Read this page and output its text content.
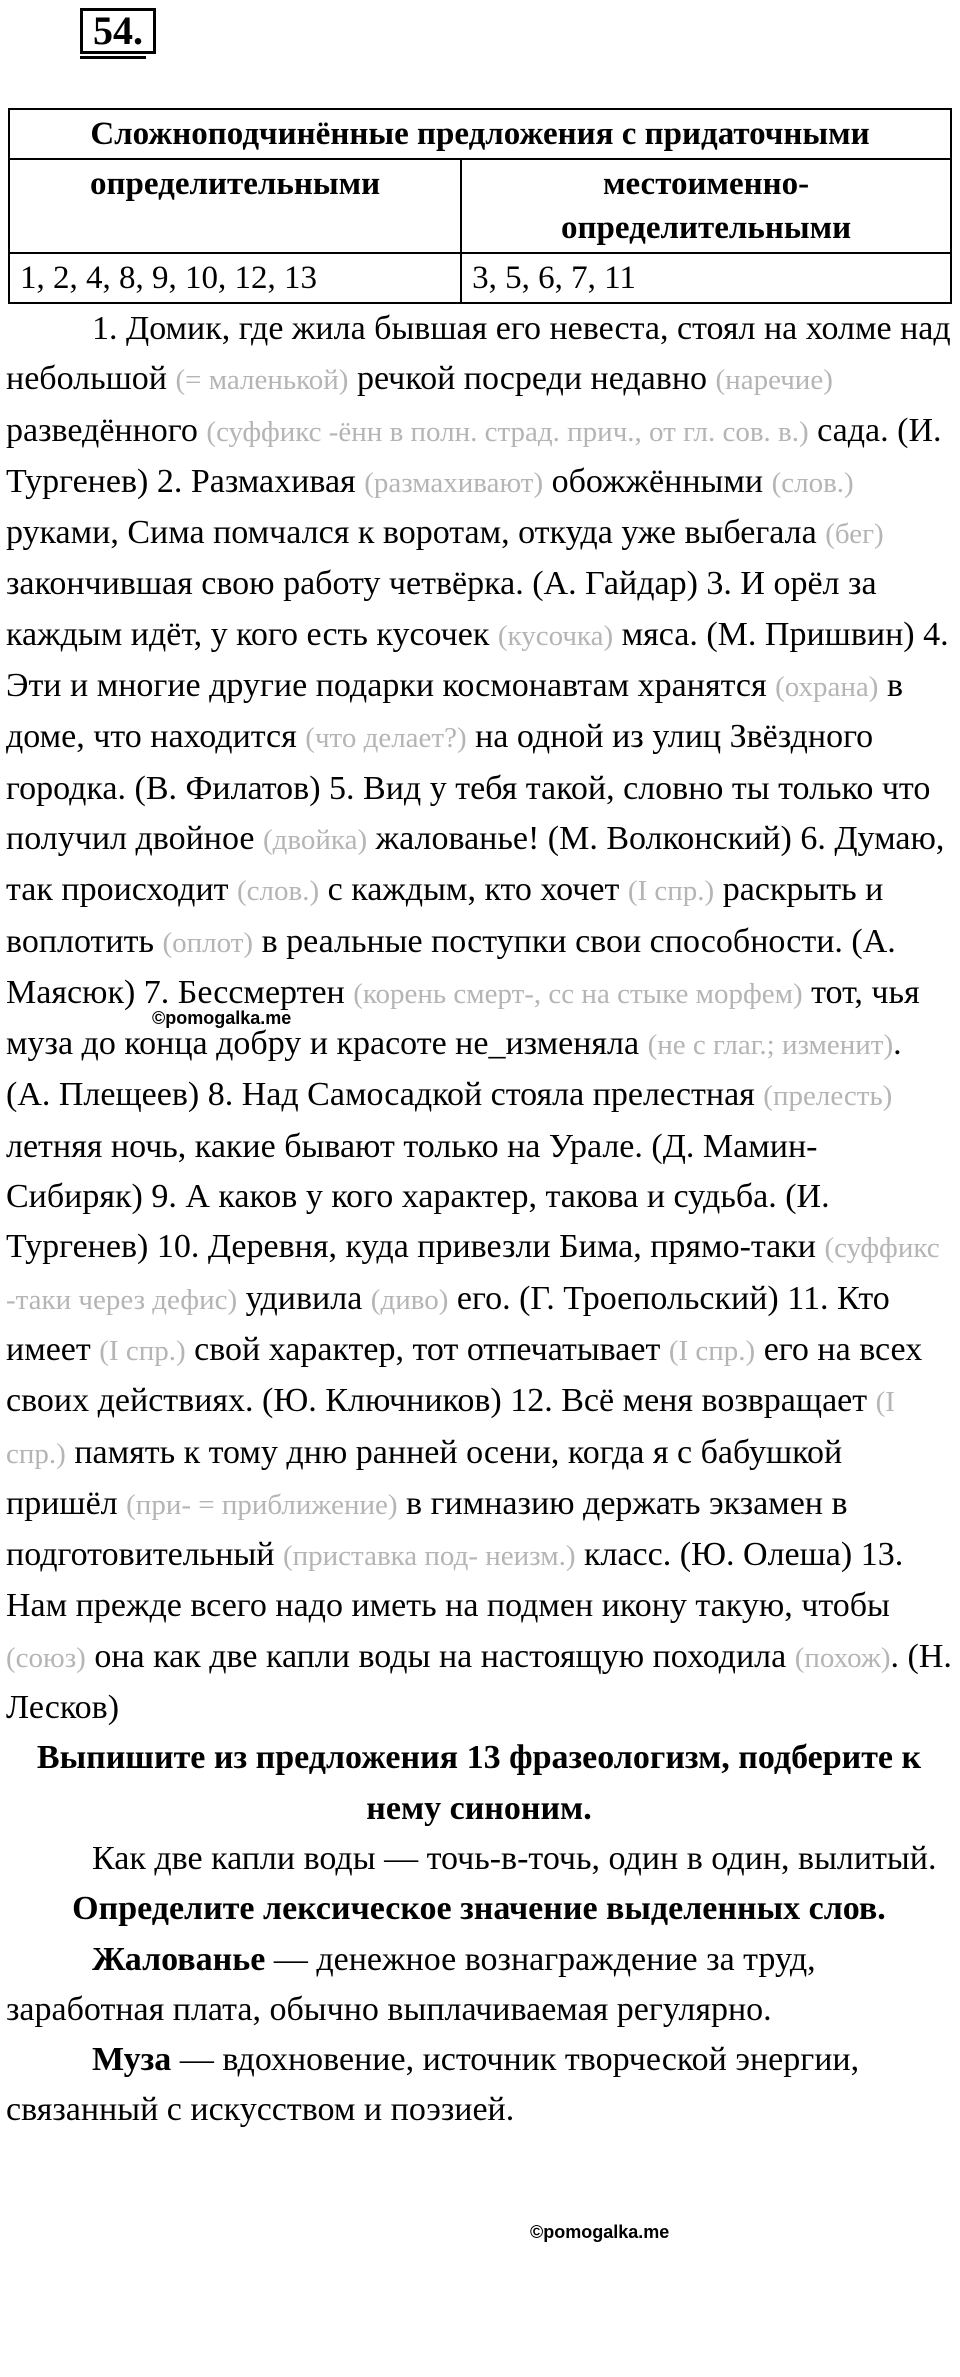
54.
Сложноподчинённые предложения с придаточными	
определительными	местоименно-определительными
1, 2, 4, 8, 9, 10, 12, 13	3, 5, 6, 7, 11

1. Домик, где жила бывшая его невеста, стоял на холме над небольшой (= маленькой) речкой посреди недавно (наречие) разведённого (суффикс -ённ в полн. страд. прич., от гл. сов. в.) сада. (И. Тургенев) 2. Размахивая (размахивают) обожжёнными (слов.) руками, Сима помчался к воротам, откуда уже выбегала (бег) закончившая свою работу четвёрка. (А. Гайдар) 3. И орёл за каждым идёт, у кого есть кусочек (кусочка) мяса. (М. Пришвин) 4. Эти и многие другие подарки космонавтам хранятся (охрана) в доме, что находится (что делает?) на одной из улиц Звёздного городка. (В. Филатов) 5. Вид у тебя такой, словно ты только что получил двойное (двойка) жалованье! (М. Волконский) 6. Думаю, так происходит (слов.) с каждым, кто хочет (I спр.) раскрыть и воплотить (оплот) в реальные поступки свои способности. (А. Маясюк) 7. Бессмертен (корень смерт-, сс на стыке морфем) тот, чья муза до конца добру и красоте не_изменяла (не с глаг.; изменит). (А. Плещеев) 8. Над Самосадкой стояла прелестная (прелесть) летняя ночь, какие бывают только на Урале. (Д. Мамин-Сибиряк) 9. А каков у кого характер, такова и судьба. (И. Тургенев) 10. Деревня, куда привезли Бима, прямо-таки (суффикс -таки через дефис) удивила (диво) его. (Г. Троепольский) 11. Кто имеет (I спр.) свой характер, тот отпечатывает (I спр.) его на всех своих действиях. (Ю. Ключников) 12. Всё меня возвращает (I спр.) память к тому дню ранней осени, когда я с бабушкой пришёл (при- = приближение) в гимназию держать экзамен в подготовительный (приставка под- неизм.) класс. (Ю. Олеша) 13. Нам прежде всего надо иметь на подмен икону такую, чтобы (союз) она как две капли воды на настоящую походила (похож). (Н. Лесков)

Выпишите из предложения 13 фразеологизм, подберите к нему синоним.

Как две капли воды — точь-в-точь, один в один, вылитый.

Определите лексическое значение выделенных слов.

Жалованье — денежное вознаграждение за труд, заработная плата, обычно выплачиваемая регулярно.

Муза — вдохновение, источник творческой энергии, связанный с искусством и поэзией.

©pomogalka.me
©pomogalka.me
